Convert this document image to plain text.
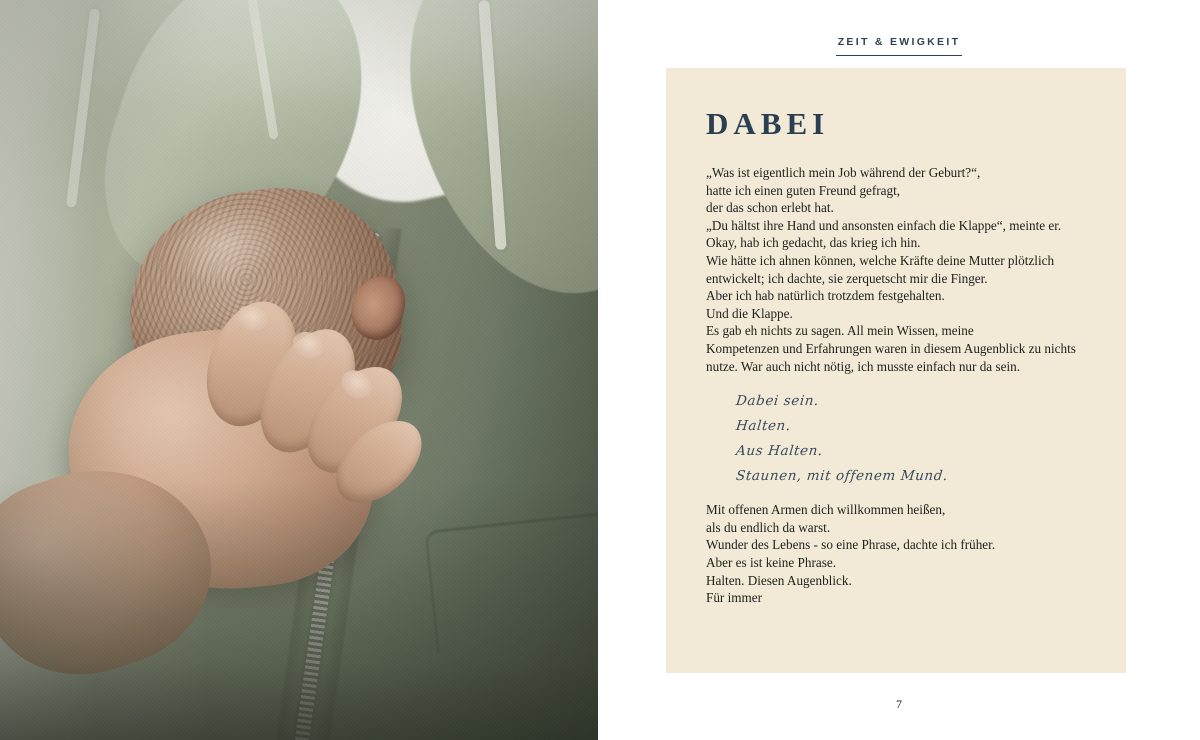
ZEIT & EWIGKEIT
DABEI
„Was ist eigentlich mein Job während der Geburt?“,
hatte ich einen guten Freund gefragt,
der das schon erlebt hat.
„Du hältst ihre Hand und ansonsten einfach die Klappe“, meinte er.
Okay, hab ich gedacht, das krieg ich hin.
Wie hätte ich ahnen können, welche Kräfte deine Mutter plötzlich
entwickelt; ich dachte, sie zerquetscht mir die Finger.
Aber ich hab natürlich trotzdem festgehalten.
Und die Klappe.
Es gab eh nichts zu sagen. All mein Wissen, meine
Kompetenzen und Erfahrungen waren in diesem Augenblick zu nichts
nutze. War auch nicht nötig, ich musste einfach nur da sein.
Dabei sein.
Halten.
Aus Halten.
Staunen, mit offenem Mund.
Mit offenen Armen dich willkommen heißen,
als du endlich da warst.
Wunder des Lebens - so eine Phrase, dachte ich früher.
Aber es ist keine Phrase.
Halten. Diesen Augenblick.
Für immer
7
